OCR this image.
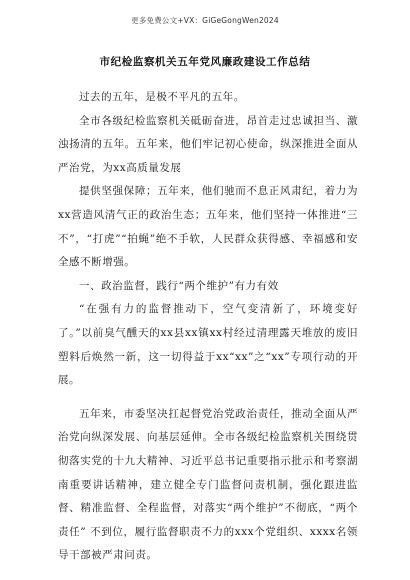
更多免费公文+VX：GiGeGongWen2024
市纪检监察机关五年党风廉政建设工作总结

过去的五年，是极不平凡的五年。

全市各级纪检监察机关砥砺奋进，昂首走过忠诚担当、激浊扬清的五年。五年来，他们牢记初心使命，纵深推进全面从严治党，为xx高质量发展

提供坚强保障；五年来，他们驰而不息正风肃纪，着力为xx营造风清气正的政治生态；五年来，他们坚持一体推进“三不”，“打虎”“拍蝇”绝不手软，人民群众获得感、幸福感和安全感不断增强。

一、政治监督，践行“两个维护”有力有效

“在强有力的监督推动下，空气变清新了，环境变好了。”以前臭气醺天的xx县xx镇xx村经过清理露天堆放的废旧塑料后焕然一新，这一切得益于xx“xx”之“xx”专项行动的开展。

五年来，市委坚决扛起督党治党政治责任，推动全面从严治党向纵深发展、向基层延伸。全市各级纪检监察机关围绕贯彻落实党的十九大精神、习近平总书记重要指示批示和考察湖南重要讲话精神，建立健全专门监督问责机制，强化跟进监督、精准监督、全程监督，对落实“两个维护”不彻底，“两个责任” 不到位，履行监督职责不力的xxx个党组织、xxxx名领导干部被严肃问责。
